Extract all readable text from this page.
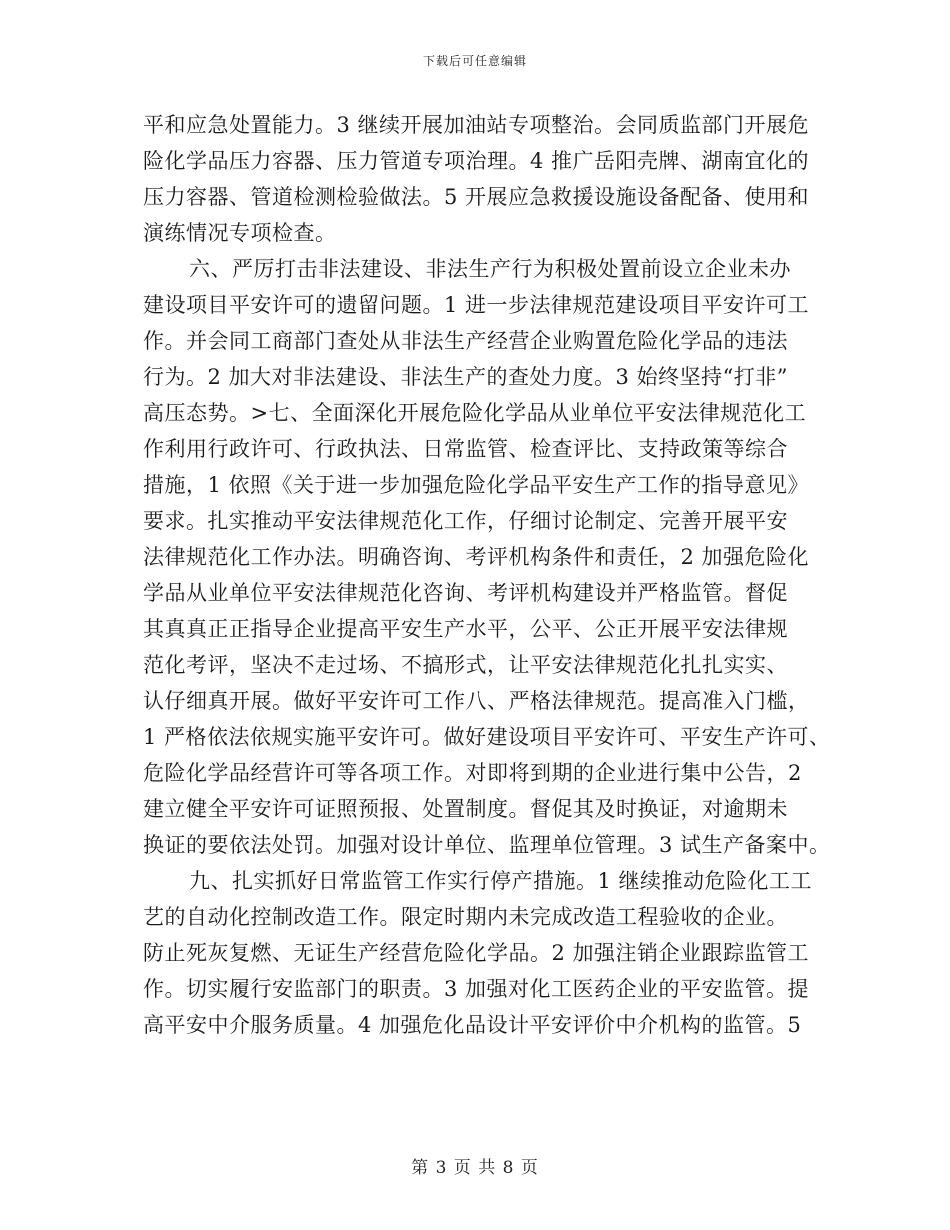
下载后可任意编辑
平和应急处置能力。3 继续开展加油站专项整治。会同质监部门开展危
险化学品压力容器、压力管道专项治理。4 推广岳阳壳牌、湖南宜化的
压力容器、管道检测检验做法。5 开展应急救援设施设备配备、使用和
演练情况专项检查。
六、严厉打击非法建设、非法生产行为积极处置前设立企业未办
建设项目平安许可的遗留问题。1 进一步法律规范建设项目平安许可工
作。并会同工商部门查处从非法生产经营企业购置危险化学品的违法
行为。2 加大对非法建设、非法生产的查处力度。3 始终坚持“打非”
高压态势。>七、全面深化开展危险化学品从业单位平安法律规范化工
作利用行政许可、行政执法、日常监管、检查评比、支持政策等综合
措施，1 依照《关于进一步加强危险化学品平安生产工作的指导意见》
要求。扎实推动平安法律规范化工作，仔细讨论制定、完善开展平安
法律规范化工作办法。明确咨询、考评机构条件和责任，2 加强危险化
学品从业单位平安法律规范化咨询、考评机构建设并严格监管。督促
其真真正正指导企业提高平安生产水平，公平、公正开展平安法律规
范化考评，坚决不走过场、不搞形式，让平安法律规范化扎扎实实、
认仔细真开展。做好平安许可工作八、严格法律规范。提高准入门槛，
1 严格依法依规实施平安许可。做好建设项目平安许可、平安生产许可、
危险化学品经营许可等各项工作。对即将到期的企业进行集中公告，2
建立健全平安许可证照预报、处置制度。督促其及时换证，对逾期未
换证的要依法处罚。加强对设计单位、监理单位管理。3 试生产备案中。
九、扎实抓好日常监管工作实行停产措施。1 继续推动危险化工工
艺的自动化控制改造工作。限定时期内未完成改造工程验收的企业。
防止死灰复燃、无证生产经营危险化学品。2 加强注销企业跟踪监管工
作。切实履行安监部门的职责。3 加强对化工医药企业的平安监管。提
高平安中介服务质量。4 加强危化品设计平安评价中介机构的监管。5
第 3 页 共 8 页
